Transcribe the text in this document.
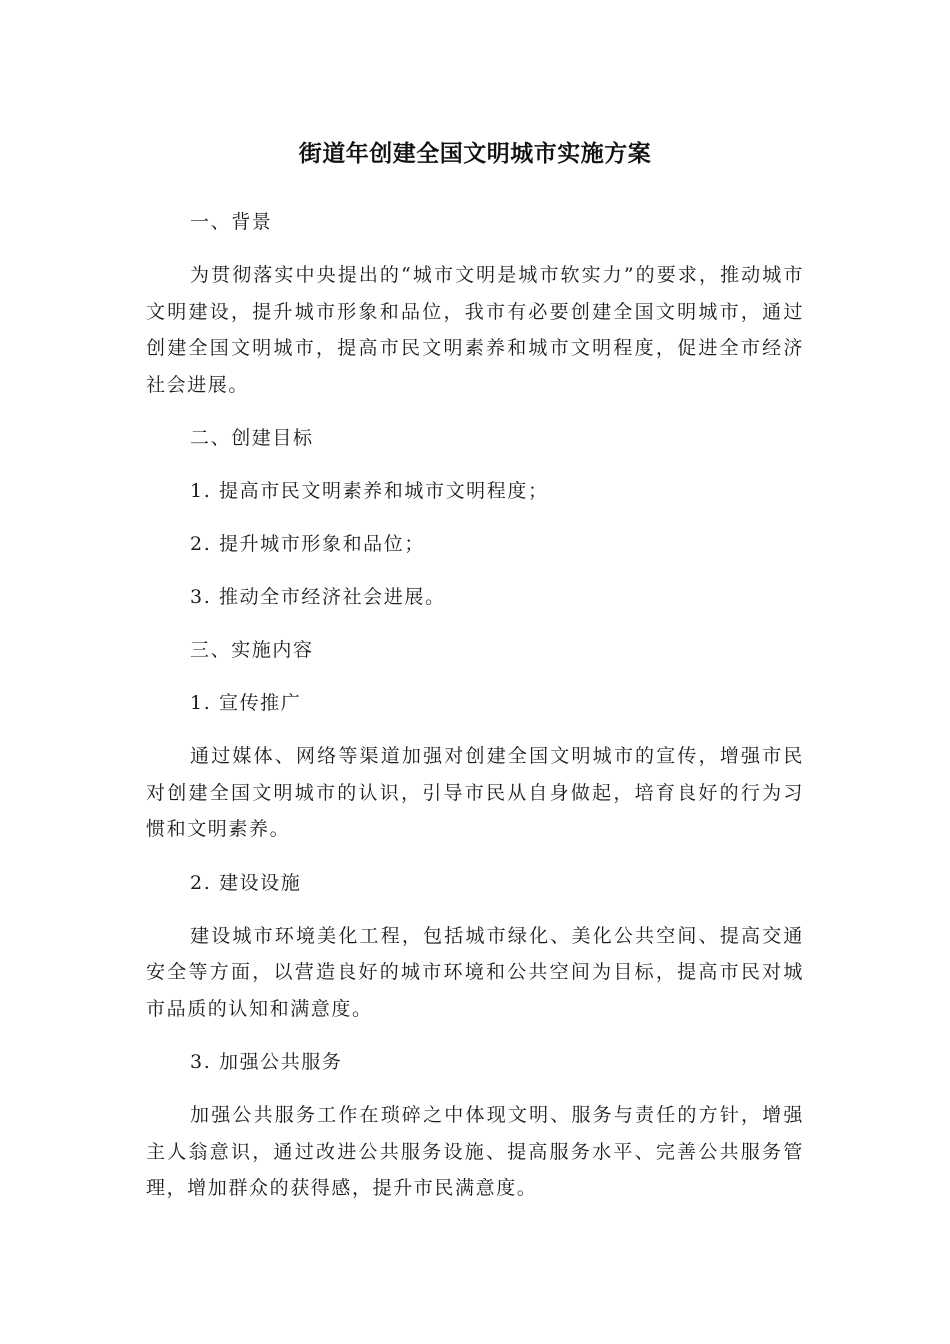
街道年创建全国文明城市实施方案
一、背景
为贯彻落实中央提出的“城市文明是城市软实力”的要求，推动城市文明建设，提升城市形象和品位，我市有必要创建全国文明城市，通过创建全国文明城市，提高市民文明素养和城市文明程度，促进全市经济社会进展。
二、创建目标
1. 提高市民文明素养和城市文明程度；
2. 提升城市形象和品位；
3. 推动全市经济社会进展。
三、实施内容
1. 宣传推广
通过媒体、网络等渠道加强对创建全国文明城市的宣传，增强市民对创建全国文明城市的认识，引导市民从自身做起，培育良好的行为习惯和文明素养。
2. 建设设施
建设城市环境美化工程，包括城市绿化、美化公共空间、提高交通安全等方面，以营造良好的城市环境和公共空间为目标，提高市民对城市品质的认知和满意度。
3. 加强公共服务
加强公共服务工作在琐碎之中体现文明、服务与责任的方针，增强主人翁意识，通过改进公共服务设施、提高服务水平、完善公共服务管理，增加群众的获得感，提升市民满意度。
